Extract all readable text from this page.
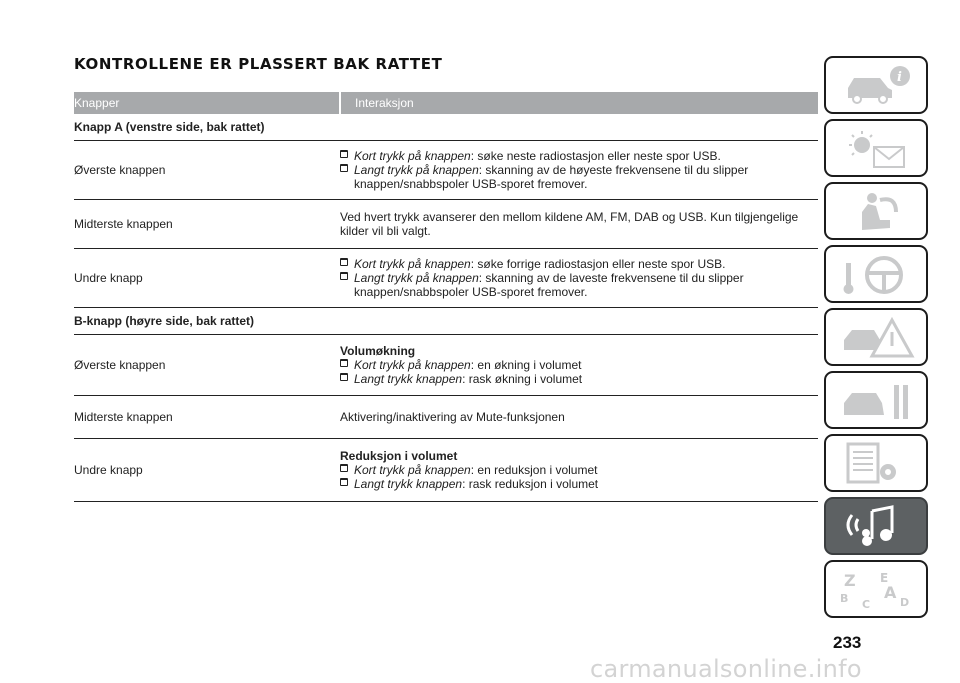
KONTROLLENE ER PLASSERT BAK RATTET
Knapper	Interaksjon
Knapp A (venstre side, bak rattet)	
Øverste knappen	Kort trykk på knappen: søke neste radiostasjon eller neste spor USB.
Langt trykk på knappen: skanning av de høyeste frekvensene til du slipper knappen/snabbspoler USB-sporet fremover.

Midterste knappen	Ved hvert trykk avanserer den mellom kildene AM, FM, DAB og USB. Kun tilgjengelige kilder vil bli valgt.
Undre knapp	Kort trykk på knappen: søke forrige radiostasjon eller neste spor USB.
Langt trykk på knappen: skanning av de laveste frekvensene til du slipper knappen/snabbspoler USB-sporet fremover.

B-knapp (høyre side, bak rattet)	
Øverste knappen	Volumøkning
Kort trykk på knappen: en økning i volumet
Langt trykk knappen: rask økning i volumet

Midterste knappen	Aktivering/inaktivering av Mute-funksjonen
Undre knapp	Reduksjon i volumet
Kort trykk på knappen: en reduksjon i volumet
Langt trykk knappen: rask reduksjon i volumet
i
Z E
B A
D
C
233
carmanualsonline.info
